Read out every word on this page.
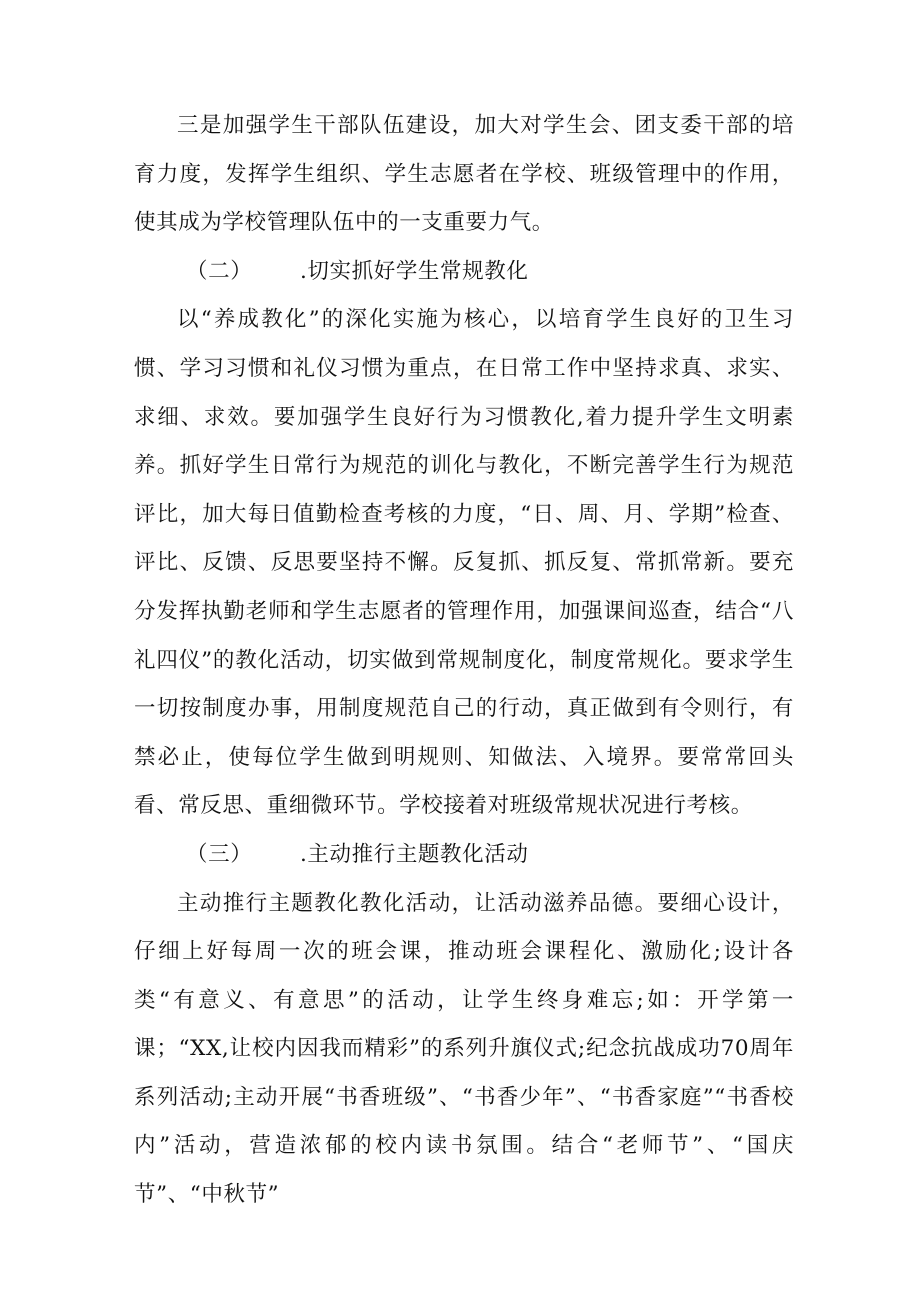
三是加强学生干部队伍建设，加大对学生会、团支委干部的培育力度，发挥学生组织、学生志愿者在学校、班级管理中的作用，使其成为学校管理队伍中的一支重要力气。

（二） .切实抓好学生常规教化

以“养成教化”的深化实施为核心，以培育学生良好的卫生习惯、学习习惯和礼仪习惯为重点，在日常工作中坚持求真、求实、求细、求效。要加强学生良好行为习惯教化,着力提升学生文明素养。抓好学生日常行为规范的训化与教化，不断完善学生行为规范评比，加大每日值勤检查考核的力度，“日、周、月、学期”检查、评比、反馈、反思要坚持不懈。反复抓、抓反复、常抓常新。要充分发挥执勤老师和学生志愿者的管理作用，加强课间巡查，结合“八礼四仪”的教化活动，切实做到常规制度化，制度常规化。要求学生一切按制度办事，用制度规范自己的行动，真正做到有令则行，有禁必止，使每位学生做到明规则、知做法、入境界。要常常回头看、常反思、重细微环节。学校接着对班级常规状况进行考核。

（三） .主动推行主题教化活动

主动推行主题教化教化活动，让活动滋养品德。要细心设计，仔细上好每周一次的班会课，推动班会课程化、激励化;设计各类“有意义、有意思”的活动，让学生终身难忘;如：开学第一课；“XX,让校内因我而精彩”的系列升旗仪式;纪念抗战成功70周年系列活动;主动开展“书香班级”、“书香少年”、“书香家庭”“书香校内”活动，营造浓郁的校内读书氛围。结合“老师节”、“国庆节”、“中秋节”
